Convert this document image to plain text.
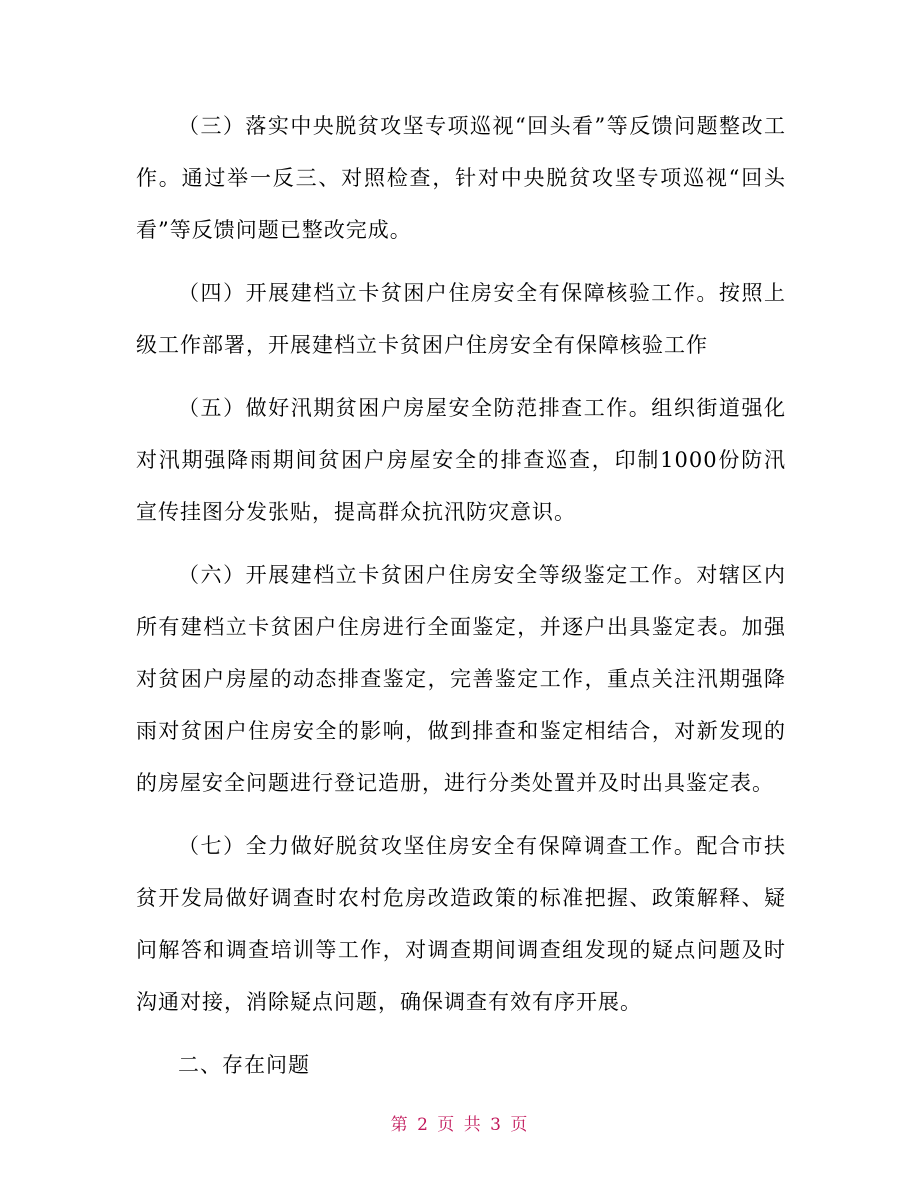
（三）落实中央脱贫攻坚专项巡视“回头看”等反馈问题整改工作。通过举一反三、对照检查，针对中央脱贫攻坚专项巡视“回头看”等反馈问题已整改完成。

（四）开展建档立卡贫困户住房安全有保障核验工作。按照上级工作部署，开展建档立卡贫困户住房安全有保障核验工作

（五）做好汛期贫困户房屋安全防范排查工作。组织街道强化对汛期强降雨期间贫困户房屋安全的排查巡查，印制1000份防汛宣传挂图分发张贴，提高群众抗汛防灾意识。

（六）开展建档立卡贫困户住房安全等级鉴定工作。对辖区内所有建档立卡贫困户住房进行全面鉴定，并逐户出具鉴定表。加强对贫困户房屋的动态排查鉴定，完善鉴定工作，重点关注汛期强降雨对贫困户住房安全的影响，做到排查和鉴定相结合，对新发现的的房屋安全问题进行登记造册，进行分类处置并及时出具鉴定表。

（七）全力做好脱贫攻坚住房安全有保障调查工作。配合市扶贫开发局做好调查时农村危房改造政策的标准把握、政策解释、疑问解答和调查培训等工作，对调查期间调查组发现的疑点问题及时沟通对接，消除疑点问题，确保调查有效有序开展。

二、存在问题

第 2 页 共 3 页
